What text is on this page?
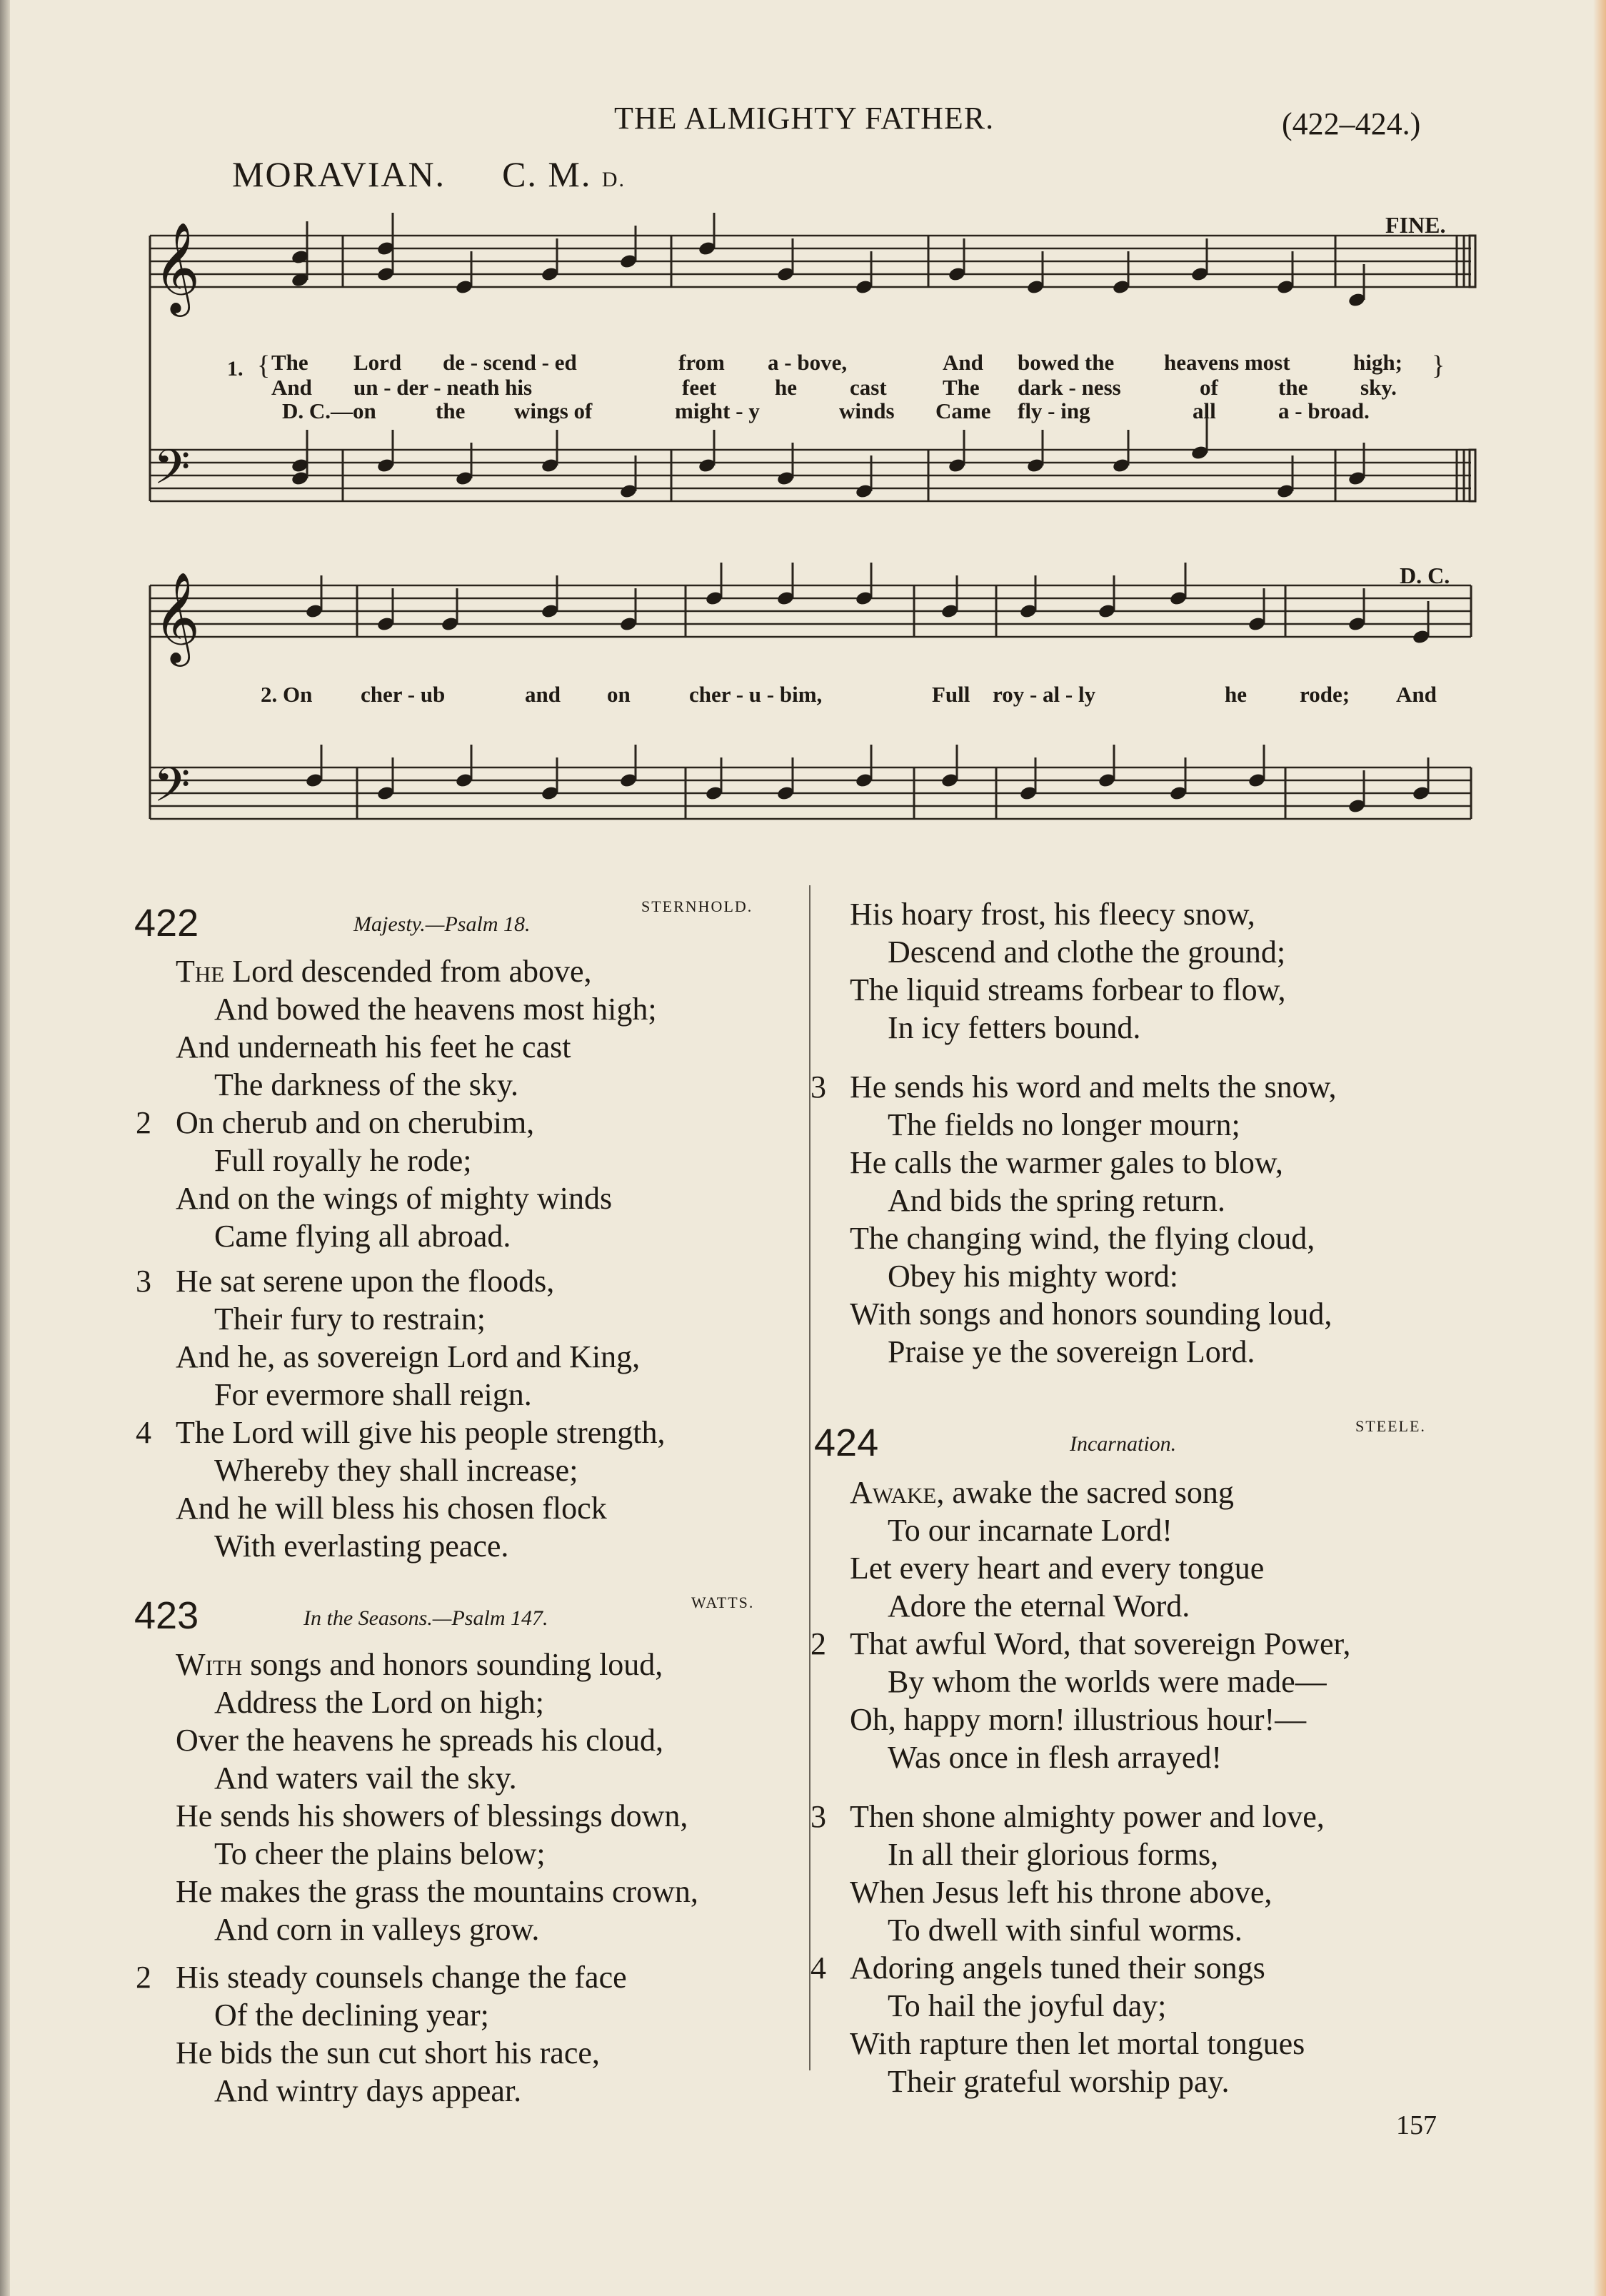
THE ALMIGHTY FATHER.	(422–424.)
MORAVIAN. C. M. D.
FINE.
D. C.
𝄞
𝄢
𝄞
𝄢
1. {	}
The Lord de - scend - ed	from a - bove,	And bowed the heavens most	high;
And un - der - neath his	feet	he cast	The dark - ness	of	the sky.
D. C.—on	the wings of	might - y	winds Came fly - ing	all	a - broad.
2. On cher - ub	and on	cher - u - bim,	Full roy - al - ly	he rode; And
422	Majesty.—Psalm 18.
STERNHOLD.
The Lord descended from above,
And bowed the heavens most high;
And underneath his feet he cast
The darkness of the sky.
2 On cherub and on cherubim,
Full royally he rode;
And on the wings of mighty winds
Came flying all abroad.
3 He sat serene upon the floods,
Their fury to restrain;
And he, as sovereign Lord and King,
For evermore shall reign.
4 The Lord will give his people strength,
Whereby they shall increase;
And he will bless his chosen flock
With everlasting peace.
423	In the Seasons.—Psalm 147.
WATTS.
With songs and honors sounding loud,
Address the Lord on high;
Over the heavens he spreads his cloud,
And waters vail the sky.
He sends his showers of blessings down,
To cheer the plains below;
He makes the grass the mountains crown,
And corn in valleys grow.
2 His steady counsels change the face
Of the declining year;
He bids the sun cut short his race,
And wintry days appear.
His hoary frost, his fleecy snow,
Descend and clothe the ground;
The liquid streams forbear to flow,
In icy fetters bound.
3 He sends his word and melts the snow,
The fields no longer mourn;
He calls the warmer gales to blow,
And bids the spring return.
The changing wind, the flying cloud,
Obey his mighty word:
With songs and honors sounding loud,
Praise ye the sovereign Lord.
424	Incarnation.
STEELE.
Awake, awake the sacred song
To our incarnate Lord!
Let every heart and every tongue
Adore the eternal Word.
2 That awful Word, that sovereign Power,
By whom the worlds were made—
Oh, happy morn! illustrious hour!—
Was once in flesh arrayed!
3 Then shone almighty power and love,
In all their glorious forms,
When Jesus left his throne above,
To dwell with sinful worms.
4 Adoring angels tuned their songs
To hail the joyful day;
With rapture then let mortal tongues
Their grateful worship pay.
157
